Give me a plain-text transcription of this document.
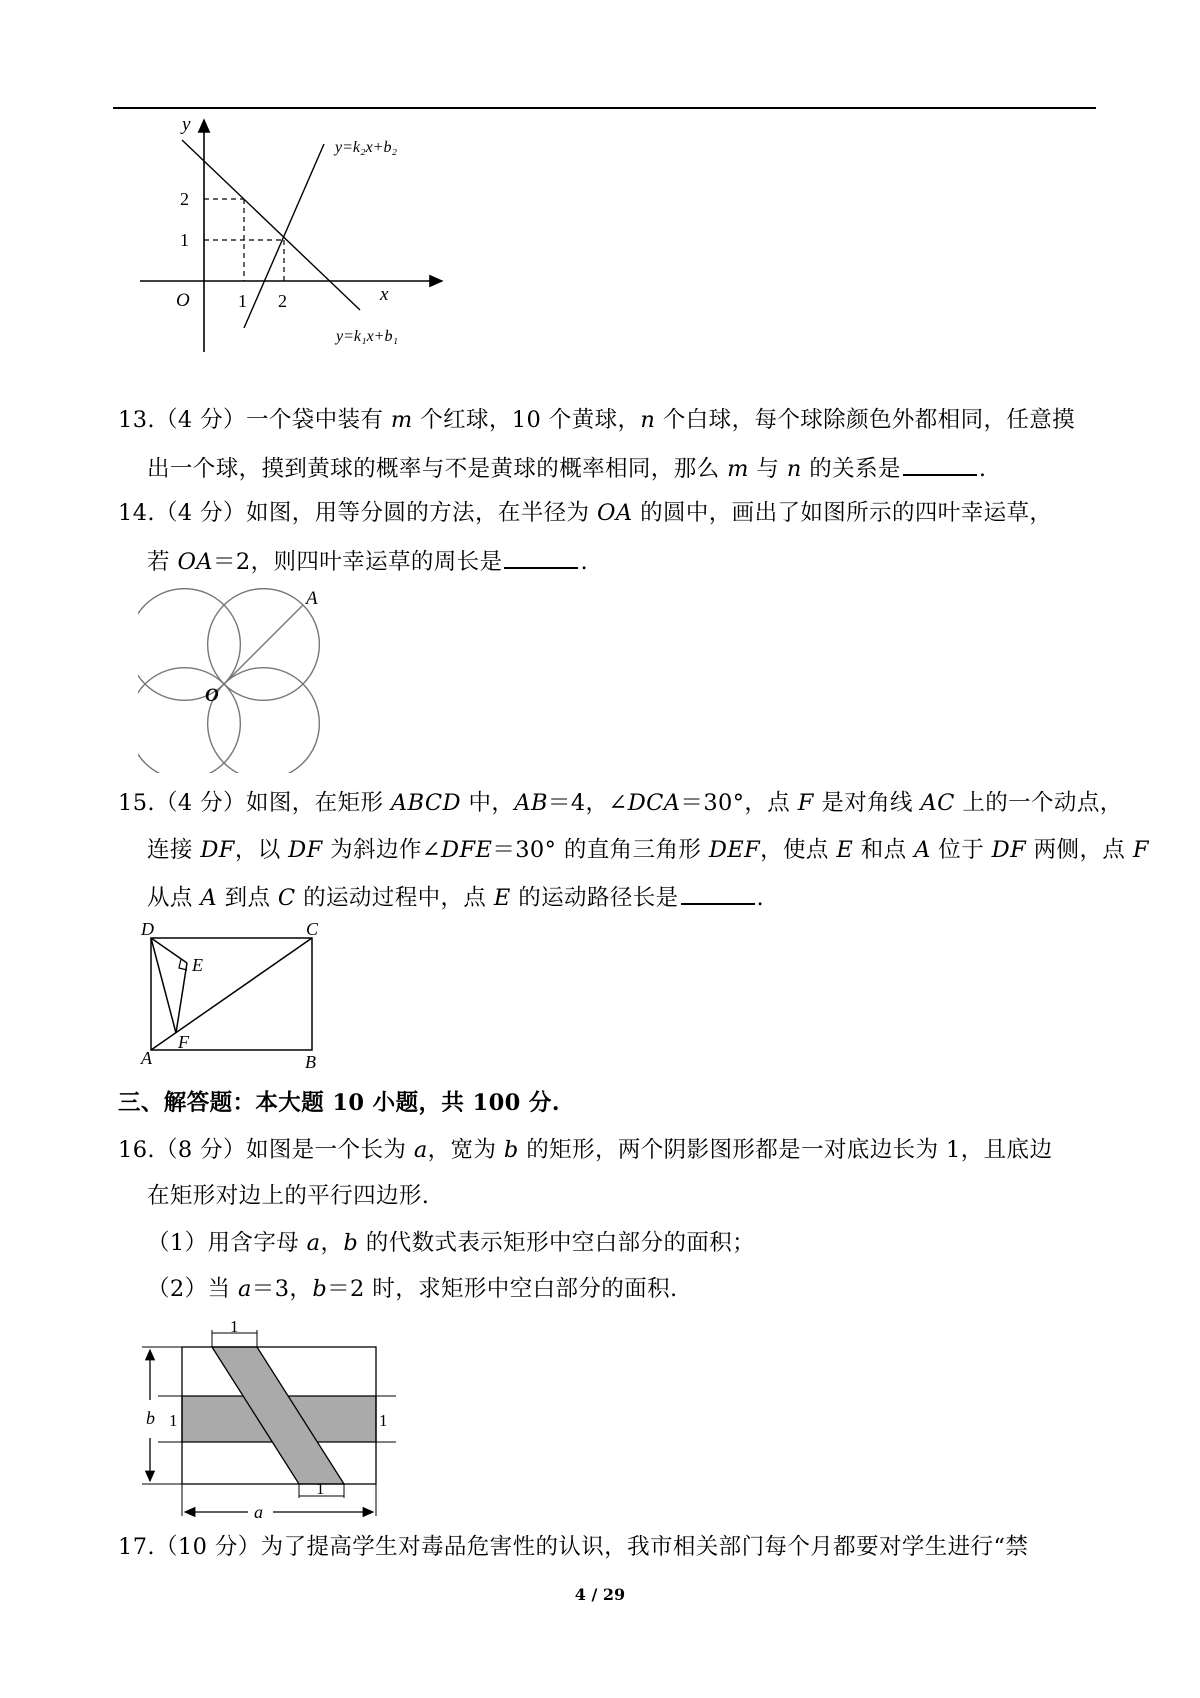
y
x
O	1 2
1
2
y=k₂x+b₂
y=k₁x+b₁
13.（4 分）一个袋中装有 m 个红球，10 个黄球，n 个白球，每个球除颜色外都相同，任意摸
出一个球，摸到黄球的概率与不是黄球的概率相同，那么 m 与 n 的关系是	.
14.（4 分）如图，用等分圆的方法，在半径为 OA 的圆中，画出了如图所示的四叶幸运草，
若 OA＝2，则四叶幸运草的周长是	.
A
O
15.（4 分）如图，在矩形 ABCD 中，AB＝4，∠DCA＝30°，点 F 是对角线 AC 上的一个动点，
连接 DF，以 DF 为斜边作∠DFE＝30° 的直角三角形 DEF，使点 E 和点 A 位于 DF 两侧，点 F
从点 A 到点 C 的运动过程中，点 E 的运动路径长是	.
D	C
E
F
A	B
三、解答题：本大题 10 小题，共 100 分.
16.（8 分）如图是一个长为 a，宽为 b 的矩形，两个阴影图形都是一对底边长为 1，且底边
在矩形对边上的平行四边形.
（1）用含字母 a，b 的代数式表示矩形中空白部分的面积；
（2）当 a＝3，b＝2 时，求矩形中空白部分的面积.
1
1	1
1
b
a
17.（10 分）为了提高学生对毒品危害性的认识，我市相关部门每个月都要对学生进行“禁
4 / 29
